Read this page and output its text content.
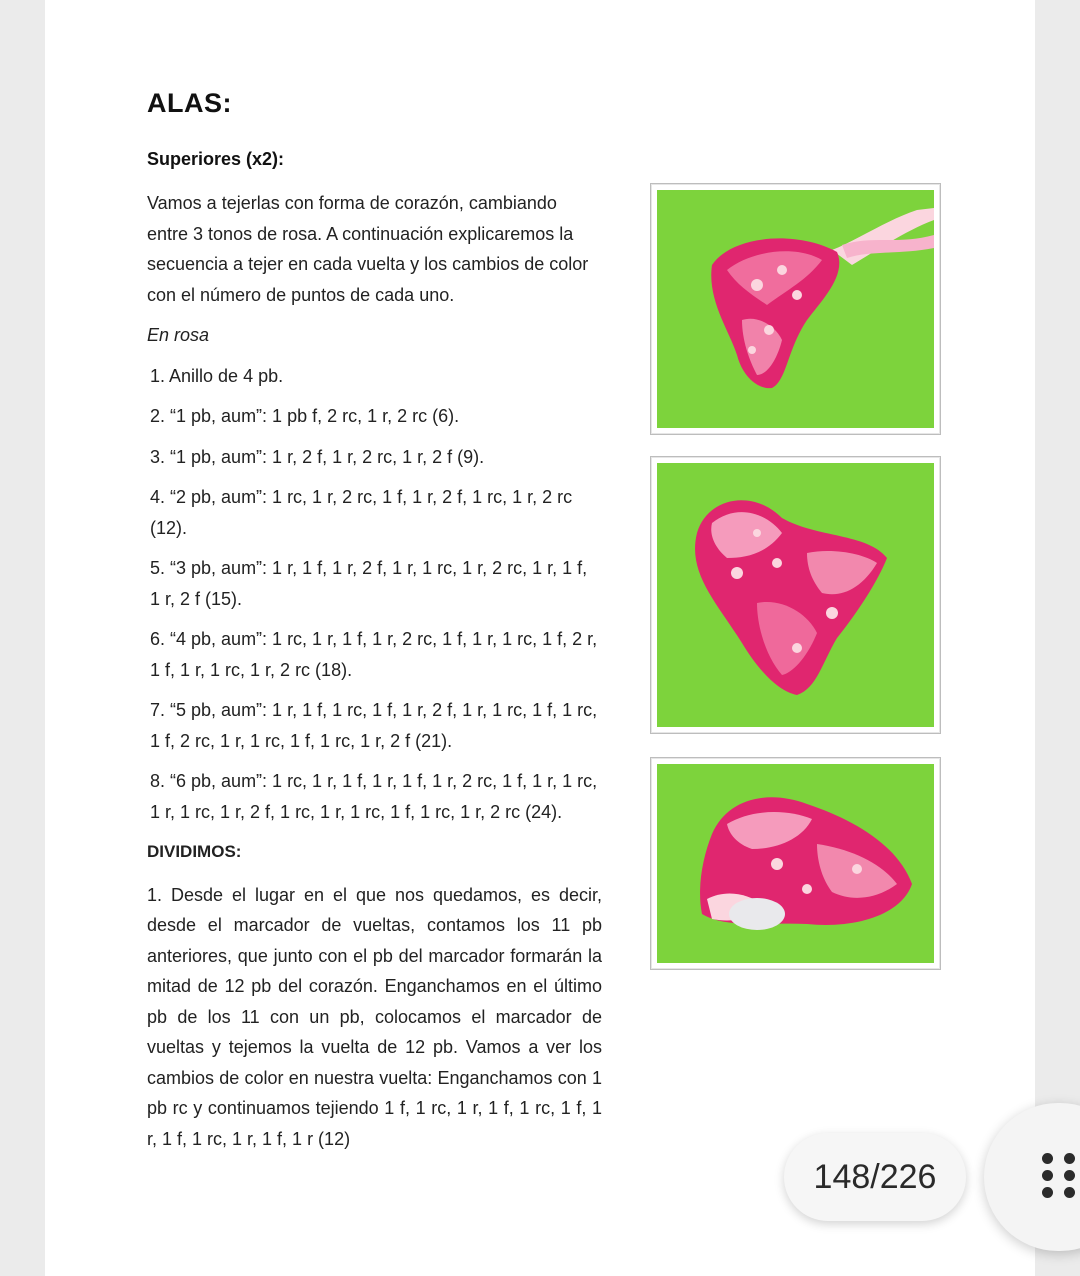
ALAS:
Superiores (x2):

Vamos a tejerlas con forma de corazón, cambiando entre 3 tonos de rosa. A continuación explicaremos la secuencia a tejer en cada vuelta y los cambios de color con el número de puntos de cada uno.

En rosa

1. Anillo de 4 pb.

2. “1 pb, aum”: 1 pb f, 2 rc, 1 r, 2 rc (6).

3. “1 pb, aum”: 1 r, 2 f, 1 r, 2 rc, 1 r, 2 f (9).

4. “2 pb, aum”: 1 rc, 1 r, 2 rc, 1 f, 1 r, 2 f, 1 rc, 1 r, 2 rc (12).

5. “3 pb, aum”: 1 r, 1 f, 1 r, 2 f, 1 r, 1 rc, 1 r, 2 rc, 1 r, 1 f, 1 r, 2 f (15).

6. “4 pb, aum”: 1 rc, 1 r, 1 f, 1 r, 2 rc, 1 f, 1 r, 1 rc, 1 f, 2 r, 1 f, 1 r, 1 rc, 1 r, 2 rc (18).

7. “5 pb, aum”: 1 r, 1 f, 1 rc, 1 f, 1 r, 2 f, 1 r, 1 rc, 1 f, 1 rc, 1 f, 2 rc, 1 r, 1 rc, 1 f, 1 rc, 1 r, 2 f (21).

8. “6 pb, aum”: 1 rc, 1 r, 1 f, 1 r, 1 f, 1 r, 2 rc, 1 f, 1 r, 1 rc, 1 r, 1 rc, 1 r, 2 f, 1 rc, 1 r, 1 rc, 1 f, 1 rc, 1 r, 2 rc (24).

DIVIDIMOS:

1. Desde el lugar en el que nos quedamos, es decir, desde el marcador de vueltas, contamos los 11 pb anteriores, que junto con el pb del marcador formarán la mitad de 12 pb del corazón. Enganchamos en el último pb de los 11 con un pb, colocamos el marcador de vueltas y tejemos la vuelta de 12 pb. Vamos a ver los cambios de color en nuestra vuelta: Enganchamos con 1 pb rc y continuamos tejiendo 1 f, 1 rc, 1 r, 1 f, 1 rc, 1 f, 1 r, 1 f, 1 rc, 1 r, 1 f, 1 r (12)

148/226
